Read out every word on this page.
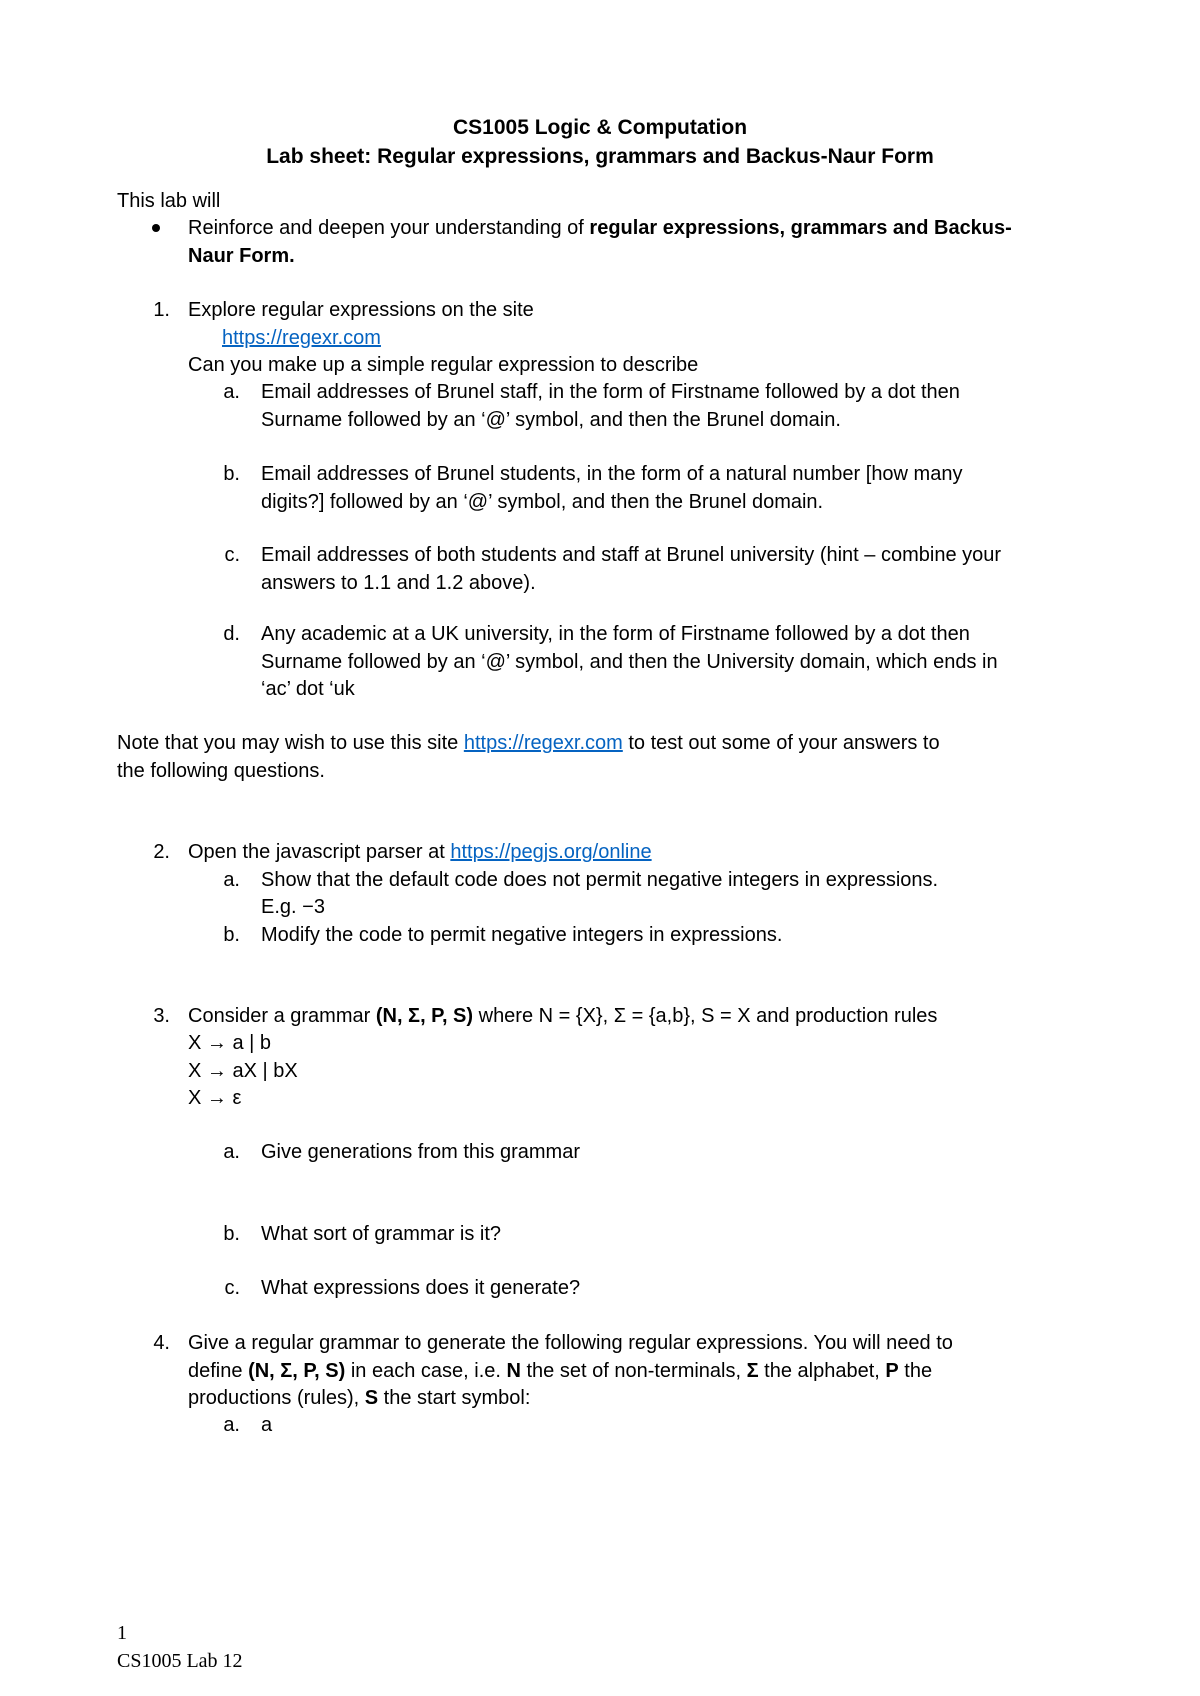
CS1005 Logic & Computation
Lab sheet: Regular expressions, grammars and Backus-Naur Form
This lab will
Reinforce and deepen your understanding of regular expressions, grammars and Backus-
Naur Form.
1. Explore regular expressions on the site
https://regexr.com
Can you make up a simple regular expression to describe
a. Email addresses of Brunel staff, in the form of Firstname followed by a dot then
Surname followed by an ‘@’ symbol, and then the Brunel domain.
b. Email addresses of Brunel students, in the form of a natural number [how many
digits?] followed by an ‘@’ symbol, and then the Brunel domain.
c. Email addresses of both students and staff at Brunel university (hint – combine your
answers to 1.1 and 1.2 above).
d. Any academic at a UK university, in the form of Firstname followed by a dot then
Surname followed by an ‘@’ symbol, and then the University domain, which ends in
‘ac’ dot ‘uk
Note that you may wish to use this site https://regexr.com to test out some of your answers to
the following questions.
2. Open the javascript parser at https://pegjs.org/online
a. Show that the default code does not permit negative integers in expressions.
E.g. −3
b. Modify the code to permit negative integers in expressions.
3. Consider a grammar (N, Σ, P, S) where N = {X}, Σ = {a,b}, S = X and production rules
X → a | b
X → aX | bX
X → ε
a. Give generations from this grammar
b. What sort of grammar is it?
c. What expressions does it generate?
4. Give a regular grammar to generate the following regular expressions. You will need to
define (N, Σ, P, S) in each case, i.e. N the set of non-terminals, Σ the alphabet, P the
productions (rules), S the start symbol:
a. a
1
CS1005 Lab 12
